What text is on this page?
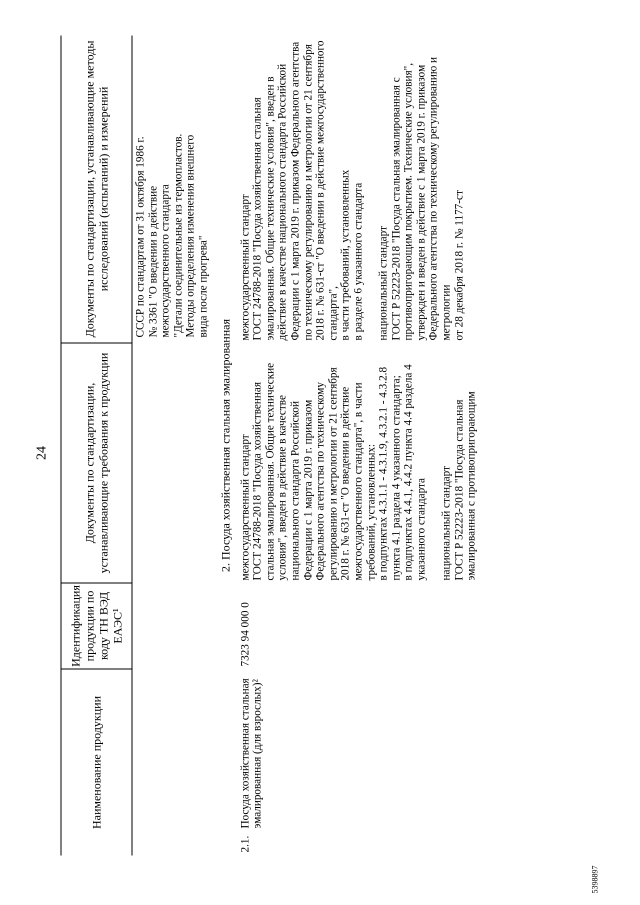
24
Наименование продукции
Идентификация продукции по коду ТН ВЭД ЕАЭС¹
Документы по стандартизации, устанавливающие требования к продукции
Документы по стандартизации, устанавливающие методы исследований (испытаний) и измерений
СССР по стандартам от 31 октября 1986 г.
№ 3361 "О введении в действие
межгосударственного стандарта
"Детали соединительные из термопластов.
Методы определения изменения внешнего
вида после прогрева"
2. Посуда хозяйственная стальная эмалированная
2.1.
Посуда хозяйственная стальная эмалированная (для взрослых)²
7323 94 000 0
межгосударственный стандарт
ГОСТ 24788-2018 "Посуда хозяйственная стальная эмалированная. Общие технические условия", введен в действие в качестве национального стандарта Российской Федерации с 1 марта 2019 г. приказом Федерального агентства по техническому регулированию и метрологии от 21 сентября 2018 г. № 631-ст "О введении в действие межгосударственного стандарта", в части требований, установленных:
в подпунктах 4.3.1.1 - 4.3.1.9, 4.3.2.1 - 4.3.2.8 пункта 4.1 раздела 4 указанного стандарта;
в подпунктах 4.4.1, 4.4.2 пункта 4.4 раздела 4 указанного стандарта

национальный стандарт
ГОСТ Р 52223-2018 "Посуда стальная эмалированная с противопригорающим
межгосударственный стандарт
ГОСТ 24788-2018 "Посуда хозяйственная стальная эмалированная. Общие технические условия", введен в действие в качестве национального стандарта Российской Федерации с 1 марта 2019 г. приказом Федерального агентства по техническому регулированию и метрологии от 21 сентября 2018 г. № 631-ст "О введении в действие межгосударственного стандарта",
в части требований, установленных
в разделе 6 указанного стандарта

национальный стандарт
ГОСТ Р 52223-2018 "Посуда стальная эмалированная с противопригорающим покрытием. Технические условия", утвержден и введен в действие с 1 марта 2019 г. приказом Федерального агентства по техническому регулированию и метрологии
от 28 декабря 2018 г. № 1177-ст
5398897
